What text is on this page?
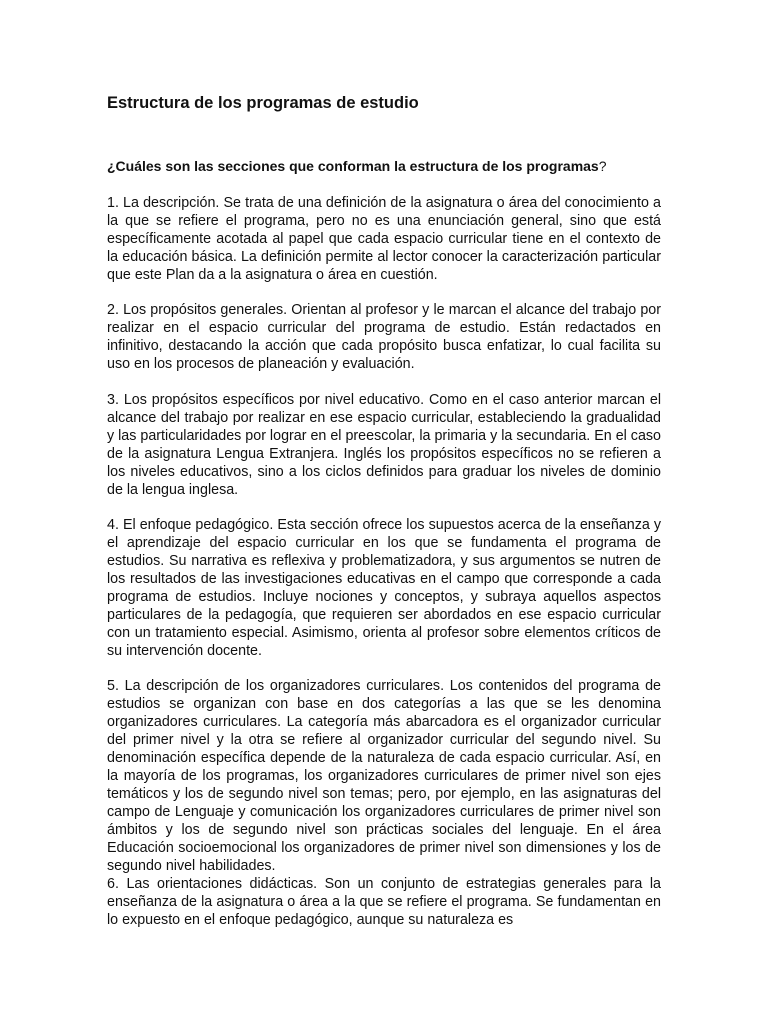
Estructura de los programas de estudio

¿Cuáles son las secciones que conforman la estructura de los programas?

1. La descripción. Se trata de una definición de la asignatura o área del conocimiento a la que se refiere el programa, pero no es una enunciación general, sino que está específicamente acotada al papel que cada espacio curricular tiene en el contexto de la educación básica. La definición permite al lector conocer la caracterización particular que este Plan da a la asignatura o área en cuestión.

2. Los propósitos generales. Orientan al profesor y le marcan el alcance del trabajo por realizar en el espacio curricular del programa de estudio. Están redactados en infinitivo, destacando la acción que cada propósito busca enfatizar, lo cual facilita su uso en los procesos de planeación y evaluación.

3. Los propósitos específicos por nivel educativo. Como en el caso anterior marcan el alcance del trabajo por realizar en ese espacio curricular, estableciendo la gradualidad y las particularidades por lograr en el preescolar, la primaria y la secundaria. En el caso de la asignatura Lengua Extranjera. Inglés los propósitos específicos no se refieren a los niveles educativos, sino a los ciclos definidos para graduar los niveles de dominio de la lengua inglesa.

4. El enfoque pedagógico. Esta sección ofrece los supuestos acerca de la enseñanza y el aprendizaje del espacio curricular en los que se fundamenta el programa de estudios. Su narrativa es reflexiva y problematizadora, y sus argumentos se nutren de los resultados de las investigaciones educativas en el campo que corresponde a cada programa de estudios. Incluye nociones y conceptos, y subraya aquellos aspectos particulares de la pedagogía, que requieren ser abordados en ese espacio curricular con un tratamiento especial. Asimismo, orienta al profesor sobre elementos críticos de su intervención docente.

5. La descripción de los organizadores curriculares. Los contenidos del programa de estudios se organizan con base en dos categorías a las que se les denomina organizadores curriculares. La categoría más abarcadora es el organizador curricular del primer nivel y la otra se refiere al organizador curricular del segundo nivel. Su denominación específica depende de la naturaleza de cada espacio curricular. Así, en la mayoría de los programas, los organizadores curriculares de primer nivel son ejes temáticos y los de segundo nivel son temas; pero, por ejemplo, en las asignaturas del campo de Lenguaje y comunicación los organizadores curriculares de primer nivel son ámbitos y los de segundo nivel son prácticas sociales del lenguaje. En el área Educación socioemocional los organizadores de primer nivel son dimensiones y los de segundo nivel habilidades.

6. Las orientaciones didácticas. Son un conjunto de estrategias generales para la enseñanza de la asignatura o área a la que se refiere el programa. Se fundamentan en lo expuesto en el enfoque pedagógico, aunque su naturaleza es
